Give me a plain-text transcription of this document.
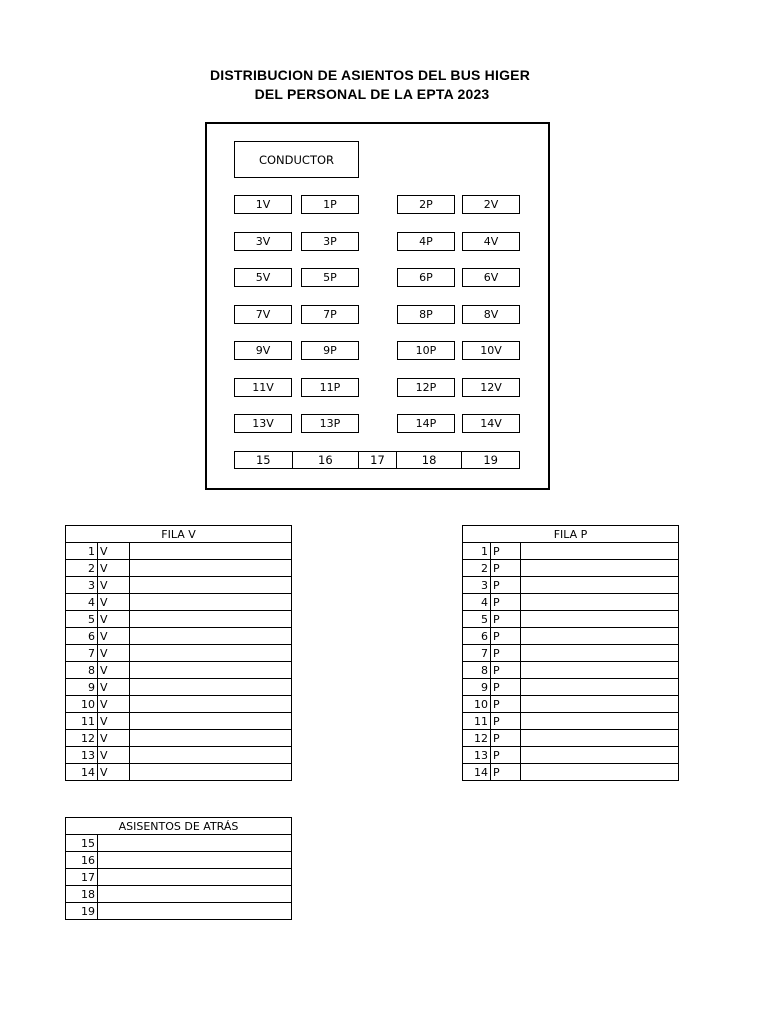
DISTRIBUCION DE ASIENTOS DEL BUS HIGER
DEL PERSONAL DE LA EPTA 2023
CONDUCTOR
1V	1P	2P	2V
3V	3P	4P	4V
5V	5P	6P	6V
7V	7P	8P	8V
9V	9P	10P	10V
11V	11P	12P	12V
13V	13P	14P	14V
15	16	17	18	19
FILA V		
1	V	
2	V	
3	V	
4	V	
5	V	
6	V	
7	V	
8	V	
9	V	
10	V	
11	V	
12	V	
13	V	
14	V	
FILA P		
1	P	
2	P	
3	P	
4	P	
5	P	
6	P	
7	P	
8	P	
9	P	
10	P	
11	P	
12	P	
13	P	
14	P	
ASISENTOS DE ATRÁS	
15	
16	
17	
18	
19	
